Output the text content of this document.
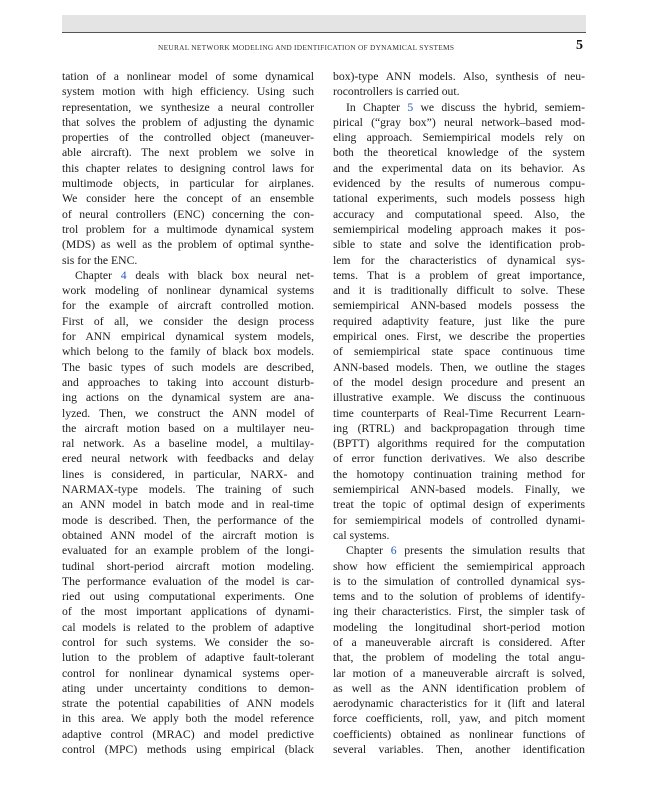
NEURAL NETWORK MODELING AND IDENTIFICATION OF DYNAMICAL SYSTEMS	5
tation of a nonlinear model of some dynamical
system motion with high efficiency. Using such
representation, we synthesize a neural controller
that solves the problem of adjusting the dynamic
properties of the controlled object (maneuver-
able aircraft). The next problem we solve in
this chapter relates to designing control laws for
multimode objects, in particular for airplanes.
We consider here the concept of an ensemble
of neural controllers (ENC) concerning the con-
trol problem for a multimode dynamical system
(MDS) as well as the problem of optimal synthe-
sis for the ENC.
Chapter 4 deals with black box neural net-
work modeling of nonlinear dynamical systems
for the example of aircraft controlled motion.
First of all, we consider the design process
for ANN empirical dynamical system models,
which belong to the family of black box models.
The basic types of such models are described,
and approaches to taking into account disturb-
ing actions on the dynamical system are ana-
lyzed. Then, we construct the ANN model of
the aircraft motion based on a multilayer neu-
ral network. As a baseline model, a multilay-
ered neural network with feedbacks and delay
lines is considered, in particular, NARX- and
NARMAX-type models. The training of such
an ANN model in batch mode and in real-time
mode is described. Then, the performance of the
obtained ANN model of the aircraft motion is
evaluated for an example problem of the longi-
tudinal short-period aircraft motion modeling.
The performance evaluation of the model is car-
ried out using computational experiments. One
of the most important applications of dynami-
cal models is related to the problem of adaptive
control for such systems. We consider the so-
lution to the problem of adaptive fault-tolerant
control for nonlinear dynamical systems oper-
ating under uncertainty conditions to demon-
strate the potential capabilities of ANN models
in this area. We apply both the model reference
adaptive control (MRAC) and model predictive
control (MPC) methods using empirical (black
box)-type ANN models. Also, synthesis of neu-
rocontrollers is carried out.
In Chapter 5 we discuss the hybrid, semiem-
pirical (“gray box”) neural network–based mod-
eling approach. Semiempirical models rely on
both the theoretical knowledge of the system
and the experimental data on its behavior. As
evidenced by the results of numerous compu-
tational experiments, such models possess high
accuracy and computational speed. Also, the
semiempirical modeling approach makes it pos-
sible to state and solve the identification prob-
lem for the characteristics of dynamical sys-
tems. That is a problem of great importance,
and it is traditionally difficult to solve. These
semiempirical ANN-based models possess the
required adaptivity feature, just like the pure
empirical ones. First, we describe the properties
of semiempirical state space continuous time
ANN-based models. Then, we outline the stages
of the model design procedure and present an
illustrative example. We discuss the continuous
time counterparts of Real-Time Recurrent Learn-
ing (RTRL) and backpropagation through time
(BPTT) algorithms required for the computation
of error function derivatives. We also describe
the homotopy continuation training method for
semiempirical ANN-based models. Finally, we
treat the topic of optimal design of experiments
for semiempirical models of controlled dynami-
cal systems.
Chapter 6 presents the simulation results that
show how efficient the semiempirical approach
is to the simulation of controlled dynamical sys-
tems and to the solution of problems of identify-
ing their characteristics. First, the simpler task of
modeling the longitudinal short-period motion
of a maneuverable aircraft is considered. After
that, the problem of modeling the total angu-
lar motion of a maneuverable aircraft is solved,
as well as the ANN identification problem of
aerodynamic characteristics for it (lift and lateral
force coefficients, roll, yaw, and pitch moment
coefficients) obtained as nonlinear functions of
several variables. Then, another identification
